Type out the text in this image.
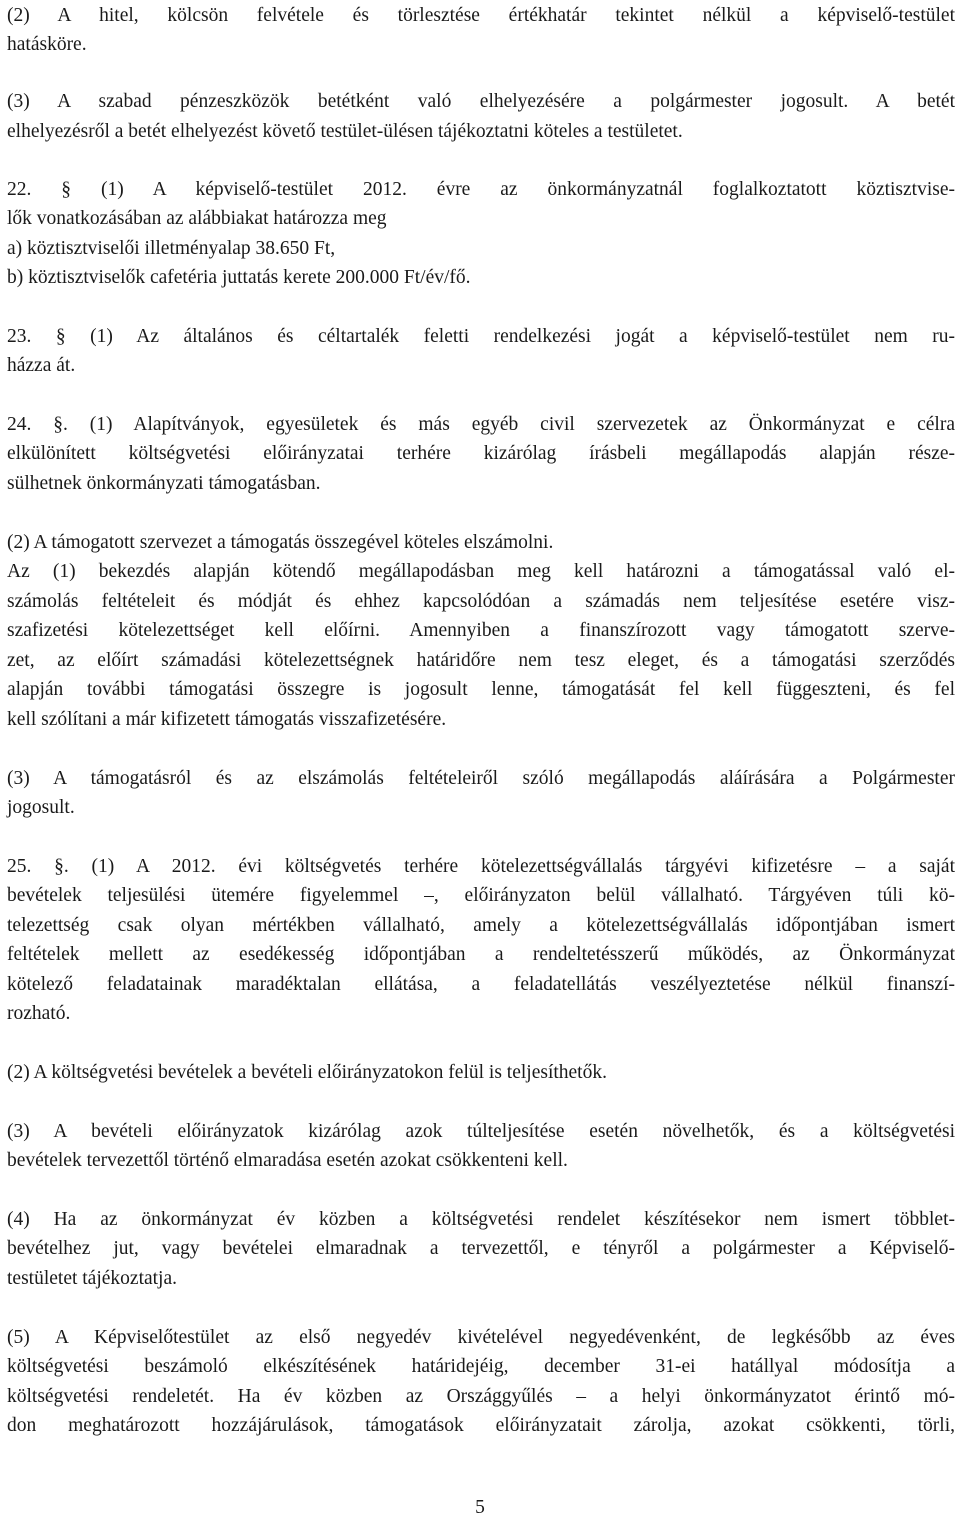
(2) A hitel, kölcsön felvétele és törlesztése értékhatár tekintet nélkül a képviselő-testület
hatásköre.
(3) A szabad pénzeszközök betétként való elhelyezésére a polgármester jogosult. A betét
elhelyezésről a betét elhelyezést követő testület-ülésen tájékoztatni köteles a testületet.
22. § (1) A képviselő-testület 2012. évre az önkormányzatnál foglalkoztatott köztisztvise-
lők vonatkozásában az alábbiakat határozza meg
a) köztisztviselői illetményalap 38.650 Ft,
b) köztisztviselők cafetéria juttatás kerete 200.000 Ft/év/fő.
23. § (1) Az általános és céltartalék feletti rendelkezési jogát a képviselő-testület nem ru-
házza át.
24. §. (1) Alapítványok, egyesületek és más egyéb civil szervezetek az Önkormányzat e célra
elkülönített költségvetési előirányzatai terhére kizárólag írásbeli megállapodás alapján része-
sülhetnek önkormányzati támogatásban.
(2) A támogatott szervezet a támogatás összegével köteles elszámolni.
Az (1) bekezdés alapján kötendő megállapodásban meg kell határozni a támogatással való el-
számolás feltételeit és módját és ehhez kapcsolódóan a számadás nem teljesítése esetére visz-
szafizetési kötelezettséget kell előírni. Amennyiben a finanszírozott vagy támogatott szerve-
zet, az előírt számadási kötelezettségnek határidőre nem tesz eleget, és a támogatási szerződés
alapján további támogatási összegre is jogosult lenne, támogatását fel kell függeszteni, és fel
kell szólítani a már kifizetett támogatás visszafizetésére.
(3) A támogatásról és az elszámolás feltételeiről szóló megállapodás aláírására a Polgármester
jogosult.
25. §. (1) A 2012. évi költségvetés terhére kötelezettségvállalás tárgyévi kifizetésre – a saját
bevételek teljesülési ütemére figyelemmel –, előirányzaton belül vállalható. Tárgyéven túli kö-
telezettség csak olyan mértékben vállalható, amely a kötelezettségvállalás időpontjában ismert
feltételek mellett az esedékesség időpontjában a rendeltetésszerű működés, az Önkormányzat
kötelező feladatainak maradéktalan ellátása, a feladatellátás veszélyeztetése nélkül finanszí-
rozható.
(2) A költségvetési bevételek a bevételi előirányzatokon felül is teljesíthetők.
(3) A bevételi előirányzatok kizárólag azok túlteljesítése esetén növelhetők, és a költségvetési
bevételek tervezettől történő elmaradása esetén azokat csökkenteni kell.
(4) Ha az önkormányzat év közben a költségvetési rendelet készítésekor nem ismert többlet-
bevételhez jut, vagy bevételei elmaradnak a tervezettől, e tényről a polgármester a Képviselő-
testületet tájékoztatja.
(5) A Képviselőtestület az első negyedév kivételével negyedévenként, de legkésőbb az éves
költségvetési beszámoló elkészítésének határidejéig, december 31-ei hatállyal módosítja a
költségvetési rendeletét. Ha év közben az Országgyűlés – a helyi önkormányzatot érintő mó-
don meghatározott hozzájárulások, támogatások előirányzatait zárolja, azokat csökkenti, törli,
5
